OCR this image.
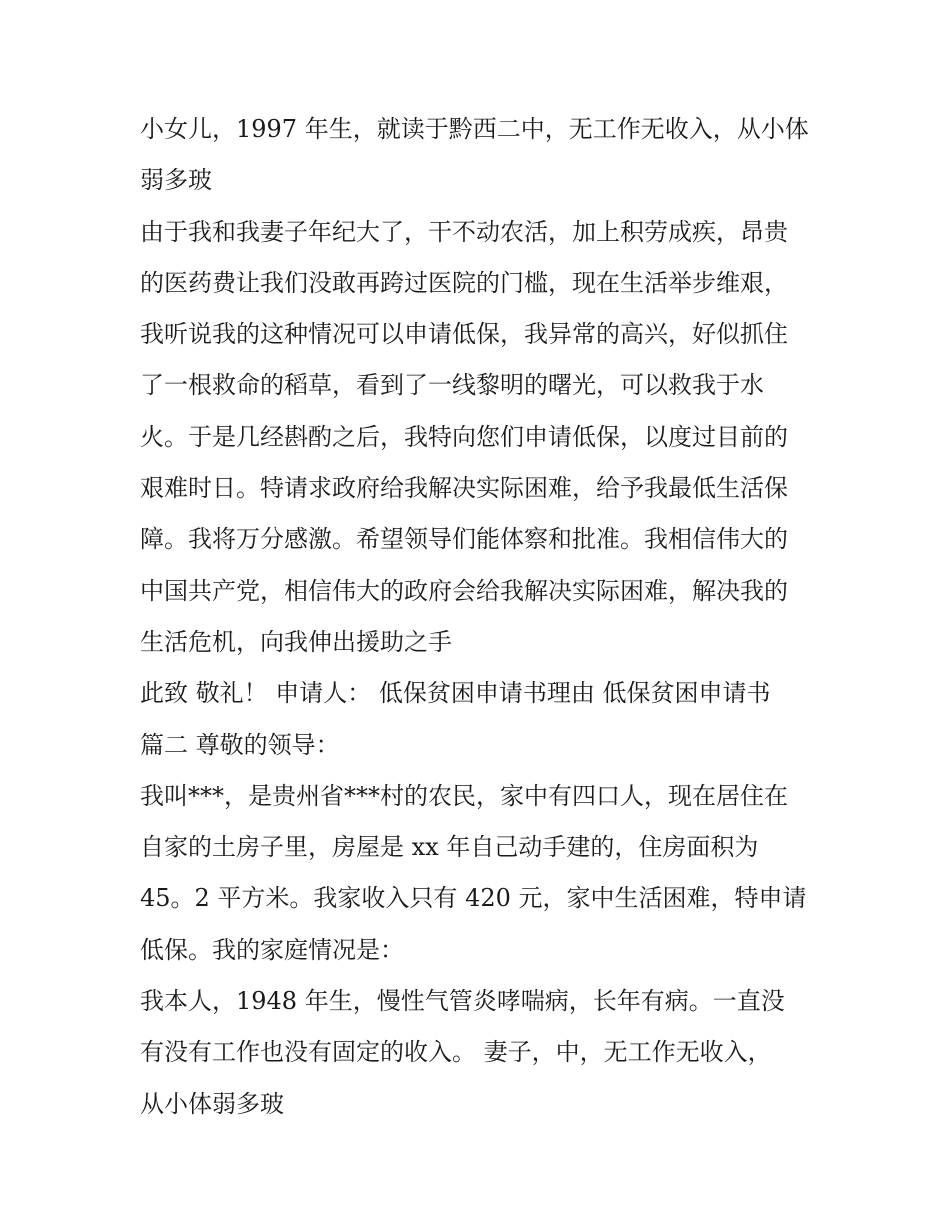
小女儿，1997 年生，就读于黔西二中，无工作无收入，从小体
弱多玻
由于我和我妻子年纪大了，干不动农活，加上积劳成疾，昂贵
的医药费让我们没敢再跨过医院的门槛，现在生活举步维艰，
我听说我的这种情况可以申请低保，我异常的高兴，好似抓住
了一根救命的稻草，看到了一线黎明的曙光，可以救我于水
火。于是几经斟酌之后，我特向您们申请低保，以度过目前的
艰难时日。特请求政府给我解决实际困难，给予我最低生活保
障。我将万分感激。希望领导们能体察和批准。我相信伟大的
中国共产党，相信伟大的政府会给我解决实际困难，解决我的
生活危机，向我伸出援助之手
此致 敬礼！ 申请人： 低保贫困申请书理由 低保贫困申请书
篇二 尊敬的领导：
我叫***，是贵州省***村的农民，家中有四口人，现在居住在
自家的土房子里，房屋是 xx 年自己动手建的，住房面积为
45。2 平方米。我家收入只有 420 元，家中生活困难，特申请
低保。我的家庭情况是：
我本人，1948 年生，慢性气管炎哮喘病，长年有病。一直没
有没有工作也没有固定的收入。 妻子，中，无工作无收入，
从小体弱多玻
